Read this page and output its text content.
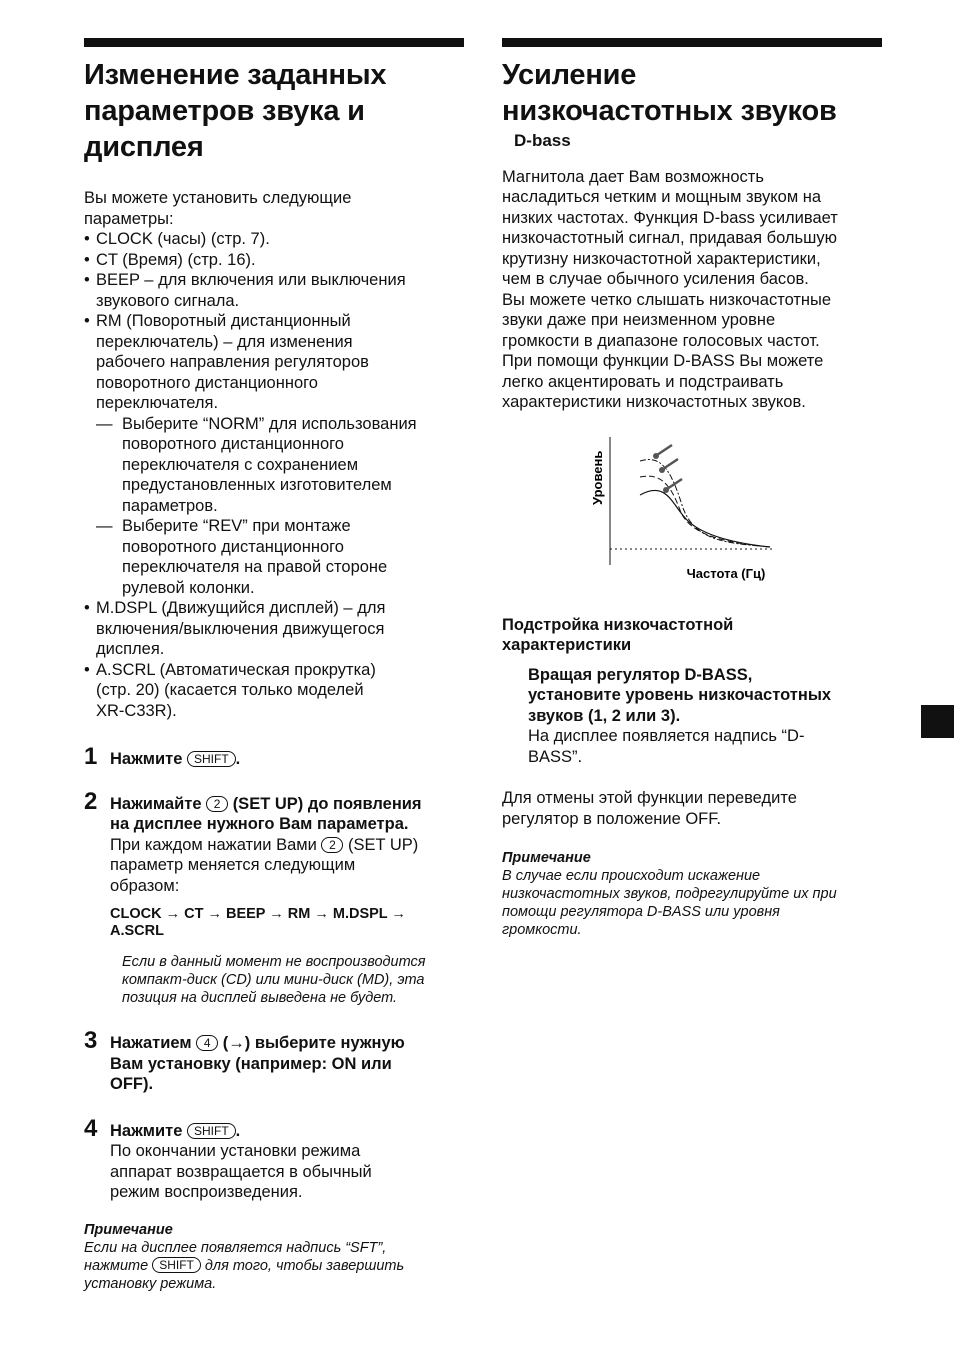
Изменение заданных
параметров звука и
дисплея

Вы можете установить следующие
параметры:

• CLOCK (часы) (стр. 7).
• CT (Время) (стр. 16).
• BEEP – для включения или выключения
звукового сигнала.
• RM (Поворотный дистанционный
переключатель) – для изменения
рабочего направления регуляторов
поворотного дистанционного
переключателя.
— Выберите “NORM” для использования
поворотного дистанционного
переключателя с сохранением
предустановленных изготовителем
параметров.
— Выберите “REV” при монтаже
поворотного дистанционного
переключателя на правой стороне
рулевой колонки.
• M.DSPL (Движущийся дисплей) – для
включения/выключения движущегося
дисплея.
• A.SCRL (Автоматическая прокрутка)
(стр. 20) (касается только моделей
XR-C33R).
1 Нажмите SHIFT .

2 Нажимайте 2 (SET UP) до появления
на дисплее нужного Вам параметра.

При каждом нажатии Вами 2 (SET UP)
параметр меняется следующим
образом:

CLOCK → CT → BEEP → RM → M.DSPL →
A.SCRL

Если в данный момент не воспроизводится
компакт-диск (CD) или мини-диск (MD), эта
позиция на дисплей выведена не будет.

3 Нажатием 4 (→) выберите нужную
Вам установку (например: ON или
OFF).

4 Нажмите SHIFT .

По окончании установки режима
аппарат возвращается в обычный
режим воспроизведения.

Примечание

Если на дисплее появляется надпись “SFT”,
нажмите SHIFT для того, чтобы завершить
установку режима.

Усиление
низкочастотных звуков

D-bass

Магнитола дает Вам возможность
насладиться четким и мощным звуком на
низких частотах. Функция D-bass усиливает
низкочастотный сигнал, придавая большую
крутизну низкочастотной характеристики,
чем в случае обычного усиления басов.
Вы можете четко слышать низкочастотные
звуки даже при неизменном уровне
громкости в диапазоне голосовых частот.
При помощи функции D-BASS Вы можете
легко акцентировать и подстраивать
характеристики низкочастотных звуков.

Уровень
Частота (Гц)

Подстройка низкочастотной
характеристики

Вращая регулятор D-BASS,
установите уровень низкочастотных
звуков (1, 2 или 3).

На дисплее появляется надпись “D-
BASS”.

Для отмены этой функции переведите
регулятор в положение OFF.

Примечание

В случае если происходит искажение
низкочастотных звуков, подрегулируйте их при
помощи регулятора D-BASS или уровня
громкости.
